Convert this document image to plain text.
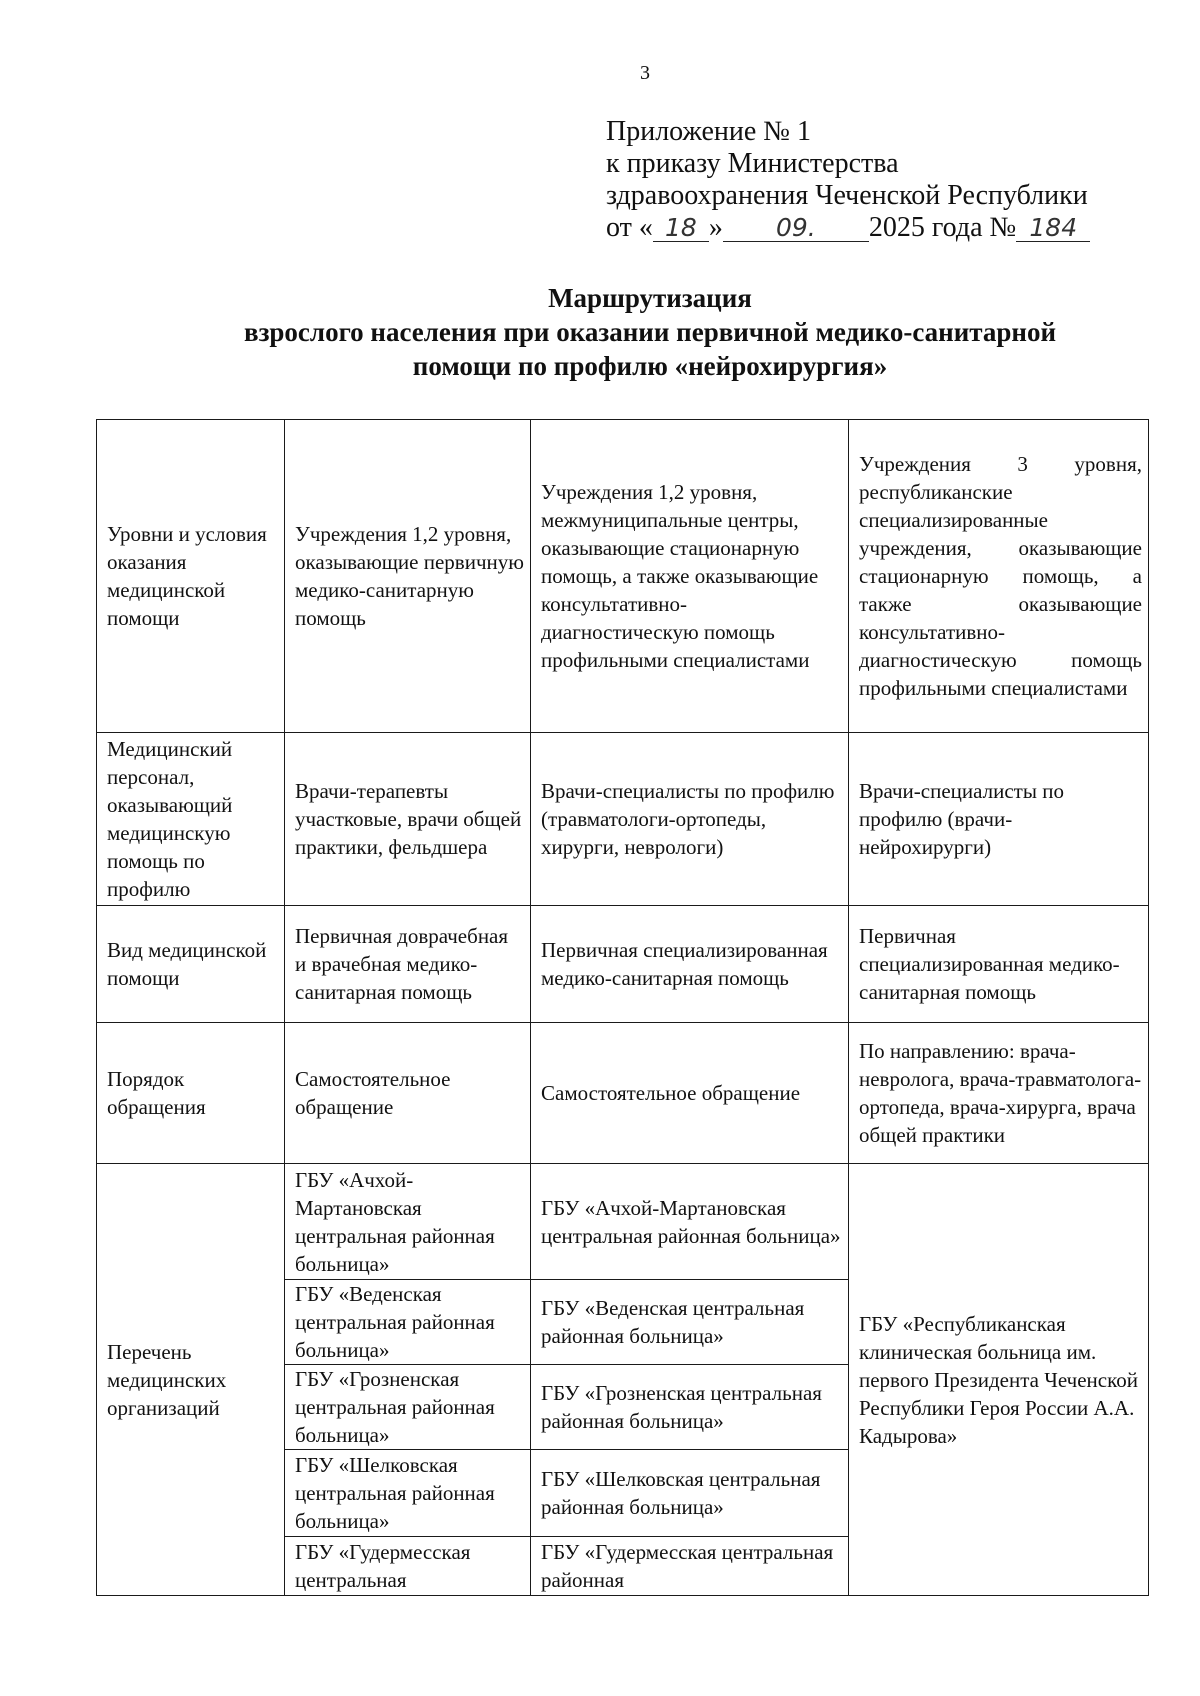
3
Приложение № 1
к приказу Министерства
здравоохранения Чеченской Республики
от « 18 » 09. 2025 года № 184
Маршрутизация
взрослого населения при оказании первичной медико-санитарной
помощи по профилю «нейрохирургия»
Уровни и условия оказания медицинской помощи	Учреждения 1,2 уровня, оказывающие первичную медико-санитарную помощь	Учреждения 1,2 уровня, межмуниципальные центры, оказывающие стационарную помощь, а также оказывающие консультативно-диагностическую помощь профильными специалистами	Учреждения 3 уровня, республиканские специализированные учреждения, оказывающие стационарную помощь, а также оказывающие консультативно-диагностическую помощь профильными специалистами
Медицинский персонал, оказывающий медицинскую помощь по профилю	Врачи-терапевты участковые, врачи общей практики, фельдшера	Врачи-специалисты по профилю (травматологи-ортопеды, хирурги, неврологи)	Врачи-специалисты по профилю (врачи-нейрохирурги)
Вид медицинской помощи	Первичная доврачебная и врачебная медико-санитарная помощь	Первичная специализированная медико-санитарная помощь	Первичная специализированная медико-санитарная помощь
Порядок обращения	Самостоятельное обращение	Самостоятельное обращение	По направлению: врача- невролога, врача-травматолога-ортопеда, врача-хирурга, врача общей практики
Перечень медицинских организаций	ГБУ «Ачхой-Мартановская центральная районная больница»	ГБУ «Ачхой-Мартановская центральная районная больница»	ГБУ «Республиканская клиническая больница им. первого Президента Чеченской Республики Героя России А.А. Кадырова»
	ГБУ «Веденская центральная районная больница»	ГБУ «Веденская центральная районная больница»	
	ГБУ «Грозненская центральная районная больница»	ГБУ «Грозненская центральная районная больница»	
	ГБУ «Шелковская центральная районная больница»	ГБУ «Шелковская центральная районная больница»	
	ГБУ «Гудермесская центральная	ГБУ «Гудермесская центральная районная	
